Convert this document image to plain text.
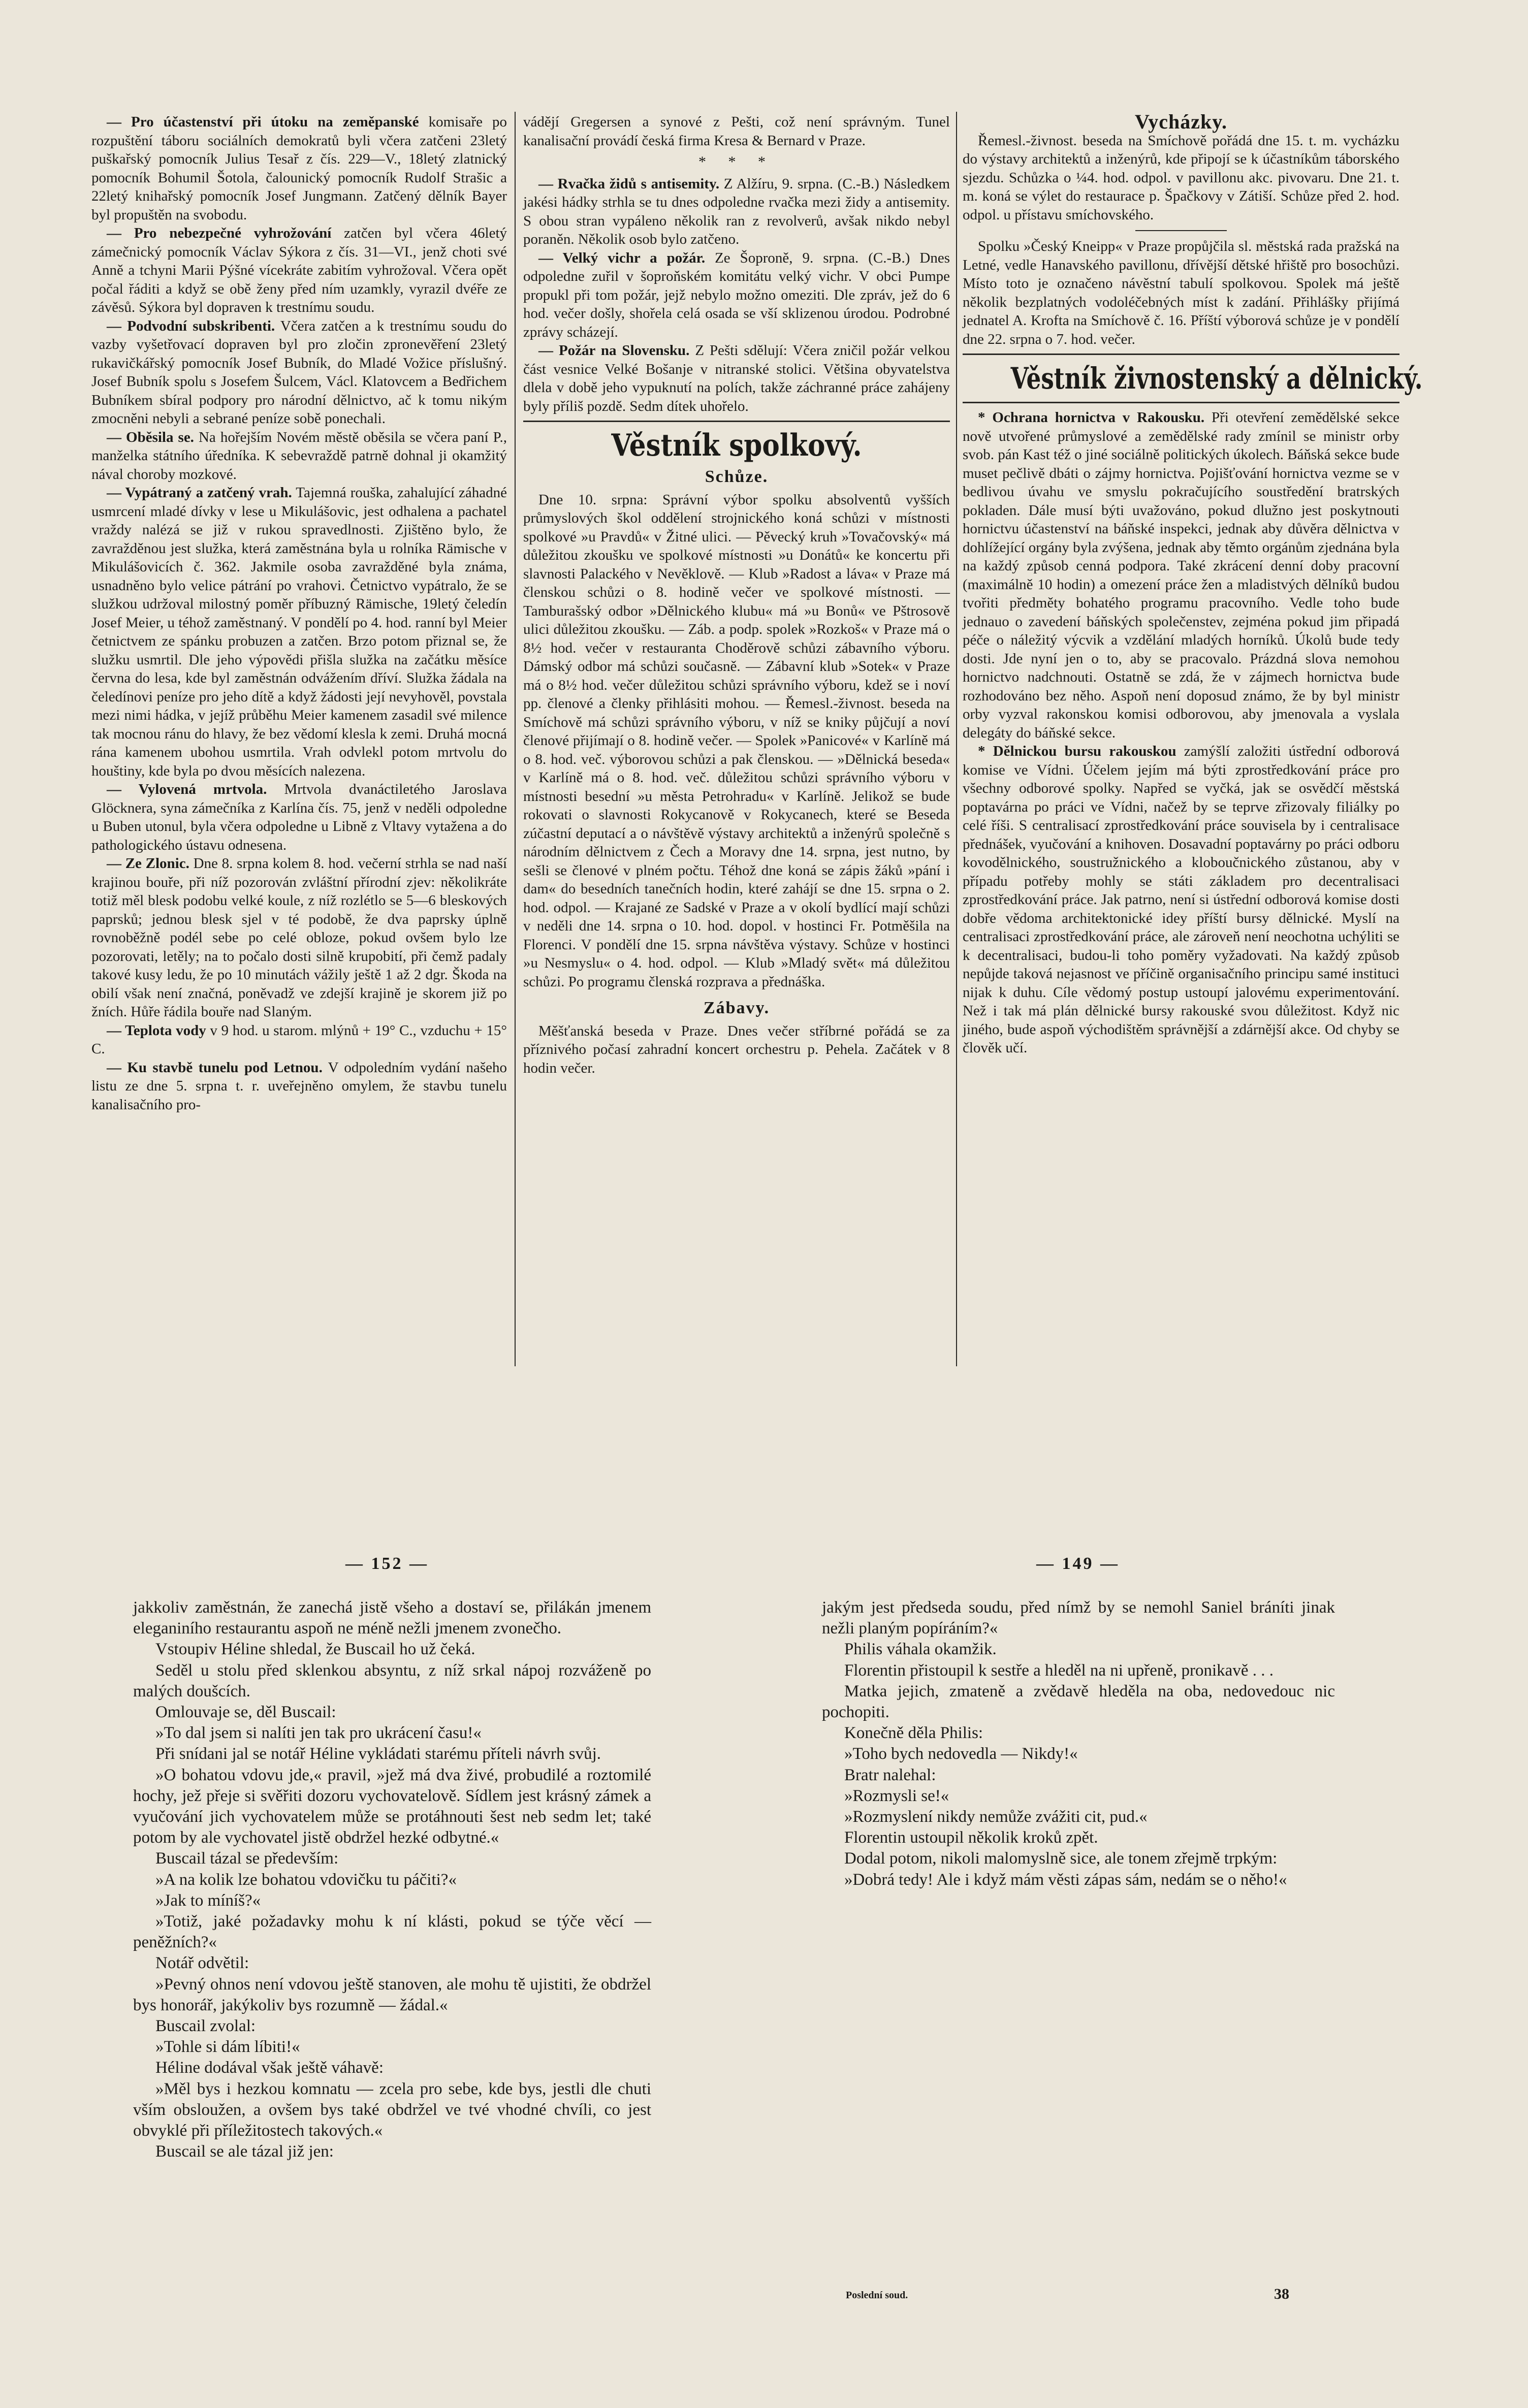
— Pro účastenství při útoku na zeměpanské komisaře po rozpuštění táboru sociálních demokratů byli včera zatčeni 23letý puškařský pomocník Julius Tesař z čís. 229—V., 18letý zlatnický pomocník Bohumil Šotola, čalounický pomocník Rudolf Strašic a 22letý knihařský pomocník Josef Jungmann. Zatčený dělník Bayer byl propuštěn na svobodu.

— Pro nebezpečné vyhrožování zatčen byl včera 46letý zámečnický pomocník Václav Sýkora z čís. 31—VI., jenž choti své Anně a tchyni Marii Pýšné vícekráte zabitím vyhrožoval. Včera opět počal řáditi a když se obě ženy před ním uzamkly, vyrazil dvéře ze závěsů. Sýkora byl dopraven k trestnímu soudu.

— Podvodní subskribenti. Včera zatčen a k trestnímu soudu do vazby vyšetřovací dopraven byl pro zločin zpronevěření 23letý rukavičkářský pomocník Josef Bubník, do Mladé Vožice příslušný. Josef Bubník spolu s Josefem Šulcem, Václ. Klatovcem a Bedřichem Bubníkem sbíral podpory pro národní dělnictvo, ač k tomu nikým zmocněni nebyli a sebrané peníze sobě ponechali.

— Oběsila se. Na hořejším Novém městě oběsila se včera paní P., manželka státního úředníka. K sebevraždě patrně dohnal ji okamžitý nával choroby mozkové.

— Vypátraný a zatčený vrah. Tajemná rouška, zahalující záhadné usmrcení mladé dívky v lese u Mikulášovic, jest odhalena a pachatel vraždy nalézá se již v rukou spravedlnosti. Zjištěno bylo, že zavražděnou jest služka, která zaměstnána byla u rolníka Rämische v Mikulášovicích č. 362. Jakmile osoba zavražděné byla známa, usnadněno bylo velice pátrání po vrahovi. Četnictvo vypátralo, že se služkou udržoval milostný poměr příbuzný Rämische, 19letý čeledín Josef Meier, u téhož zaměstnaný. V pondělí po 4. hod. ranní byl Meier četnictvem ze spánku probuzen a zatčen. Brzo potom přiznal se, že služku usmrtil. Dle jeho výpovědi přišla služka na začátku měsíce června do lesa, kde byl zaměstnán odvážením dříví. Služka žádala na čeledínovi peníze pro jeho dítě a když žádosti její nevyhověl, povstala mezi nimi hádka, v jejíž průběhu Meier kamenem zasadil své milence tak mocnou ránu do hlavy, že bez vědomí klesla k zemi. Druhá mocná rána kamenem ubohou usmrtila. Vrah odvlekl potom mrtvolu do houštiny, kde byla po dvou měsících nalezena.

— Vylovená mrtvola. Mrtvola dvanáctiletého Jaroslava Glöcknera, syna zámečníka z Karlína čís. 75, jenž v neděli odpoledne u Buben utonul, byla včera odpoledne u Libně z Vltavy vytažena a do pathologického ústavu odnesena.

— Ze Zlonic. Dne 8. srpna kolem 8. hod. večerní strhla se nad naší krajinou bouře, při níž pozorován zvláštní přírodní zjev: několikráte totiž měl blesk podobu velké koule, z níž rozlétlo se 5—6 bleskových paprsků; jednou blesk sjel v té podobě, že dva paprsky úplně rovnoběžně podél sebe po celé obloze, pokud ovšem bylo lze pozorovati, letěly; na to počalo dosti silně krupobití, při čemž padaly takové kusy ledu, že po 10 minutách vážily ještě 1 až 2 dgr. Škoda na obilí však není značná, poněvadž ve zdejší krajině je skorem již po žních. Hůře řádila bouře nad Slaným.

— Teplota vody v 9 hod. u starom. mlýnů + 19° C., vzduchu + 15° C.

— Ku stavbě tunelu pod Letnou. V odpoledním vydání našeho listu ze dne 5. srpna t. r. uveřejněno omylem, že stavbu tunelu kanalisačního pro-

vádějí Gregersen a synové z Pešti, což není správným. Tunel kanalisační provádí česká firma Kresa & Bernard v Praze.

* * *

— Rvačka židů s antisemity. Z Alžíru, 9. srpna. (C.-B.) Následkem jakési hádky strhla se tu dnes odpoledne rvačka mezi židy a antisemity. S obou stran vypáleno několik ran z revolverů, avšak nikdo nebyl poraněn. Několik osob bylo zatčeno.

— Velký vichr a požár. Ze Šoproně, 9. srpna. (C.-B.) Dnes odpoledne zuřil v šoproňském komitátu velký vichr. V obci Pumpe propukl při tom požár, jejž nebylo možno omeziti. Dle zpráv, jež do 6 hod. večer došly, shořela celá osada se vší sklizenou úrodou. Podrobné zprávy scházejí.

— Požár na Slovensku. Z Pešti sdělují: Včera zničil požár velkou část vesnice Velké Bošanje v nitranské stolici. Většina obyvatelstva dlela v době jeho vypuknutí na polích, takže záchranné práce zahájeny byly příliš pozdě. Sedm dítek uhořelo.

Věstník spolkový.
Schůze.

Dne 10. srpna: Správní výbor spolku absolventů vyšších průmyslových škol oddělení strojnického koná schůzi v místnosti spolkové »u Pravdů« v Žitné ulici. — Pěvecký kruh »Tovačovský« má důležitou zkoušku ve spolkové místnosti »u Donátů« ke koncertu při slavnosti Palackého v Nevěklově. — Klub »Radost a láva« v Praze má členskou schůzi o 8. hodině večer ve spolkové místnosti. — Tamburašský odbor »Dělnického klubu« má »u Bonů« ve Pštrosově ulici důležitou zkoušku. — Záb. a podp. spolek »Rozkoš« v Praze má o 8½ hod. večer v restauranta Choděrově schůzi zábavního výboru. Dámský odbor má schůzi současně. — Zábavní klub »Sotek« v Praze má o 8½ hod. večer důležitou schůzi správního výboru, kdež se i noví pp. členové a členky přihlásiti mohou. — Řemesl.-živnost. beseda na Smíchově má schůzi správního výboru, v níž se kniky půjčují a noví členové přijímají o 8. hodině večer. — Spolek »Panicové« v Karlíně má o 8. hod. več. výborovou schůzi a pak členskou. — »Dělnická beseda« v Karlíně má o 8. hod. več. důležitou schůzi správního výboru v místnosti besední »u města Petrohradu« v Karlíně. Jelikož se bude rokovati o slavnosti Rokycanově v Rokycanech, které se Beseda zúčastní deputací a o návštěvě výstavy architektů a inženýrů společně s národním dělnictvem z Čech a Moravy dne 14. srpna, jest nutno, by sešli se členové v plném počtu. Téhož dne koná se zápis žáků »pání i dam« do besedních tanečních hodin, které zahájí se dne 15. srpna o 2. hod. odpol. — Krajané ze Sadské v Praze a v okolí bydlící mají schůzi v neděli dne 14. srpna o 10. hod. dopol. v hostinci Fr. Potměšila na Florenci. V pondělí dne 15. srpna návštěva výstavy. Schůze v hostinci »u Nesmyslu« o 4. hod. odpol. — Klub »Mladý svět« má důležitou schůzi. Po programu členská rozprava a přednáška.

Zábavy.

Měšťanská beseda v Praze. Dnes večer stříbrné pořádá se za příznivého počasí zahradní koncert orchestru p. Pehela. Začátek v 8 hodin večer.

Vycházky.

Řemesl.-živnost. beseda na Smíchově pořádá dne 15. t. m. vycházku do výstavy architektů a inženýrů, kde připojí se k účastníkům táborského sjezdu. Schůzka o ¼4. hod. odpol. v pavillonu akc. pivovaru. Dne 21. t. m. koná se výlet do restaurace p. Špačkovy v Zátiší. Schůze před 2. hod. odpol. u přístavu smíchovského.

Spolku »Český Kneipp« v Praze propůjčila sl. městská rada pražská na Letné, vedle Hanavského pavillonu, dřívější dětské hřiště pro bosochůzi. Místo toto je označeno návěstní tabulí spolkovou. Spolek má ještě několik bezplatných vodoléčebných míst k zadání. Přihlášky přijímá jednatel A. Krofta na Smíchově č. 16. Příští výborová schůze je v pondělí dne 22. srpna o 7. hod. večer.

Věstník živnostenský a dělnický.

* Ochrana hornictva v Rakousku. Při otevření zemědělské sekce nově utvořené průmyslové a zemědělské rady zmínil se ministr orby svob. pán Kast též o jiné sociálně politických úkolech. Báňská sekce bude muset pečlivě dbáti o zájmy hornictva. Pojišťování hornictva vezme se v bedlivou úvahu ve smyslu pokračujícího soustředění bratrských pokladen. Dále musí býti uvažováno, pokud dlužno jest poskytnouti hornictvu účastenství na báňské inspekci, jednak aby důvěra dělnictva v dohlížející orgány byla zvýšena, jednak aby těmto orgánům zjednána byla na každý způsob cenná podpora. Také zkrácení denní doby pracovní (maximálně 10 hodin) a omezení práce žen a mladistvých dělníků budou tvořiti předměty bohatého programu pracovního. Vedle toho bude jednauo o zavedení báňských společenstev, zejména pokud jim připadá péče o náležitý výcvik a vzdělání mladých horníků. Úkolů bude tedy dosti. Jde nyní jen o to, aby se pracovalo. Prázdná slova nemohou hornictvo nadchnouti. Ostatně se zdá, že v zájmech hornictva bude rozhodováno bez něho. Aspoň není doposud známo, že by byl ministr orby vyzval rakonskou komisi odborovou, aby jmenovala a vyslala delegáty do báňské sekce.

* Dělnickou bursu rakouskou zamýšlí založiti ústřední odborová komise ve Vídni. Účelem jejím má býti zprostředkování práce pro všechny odborové spolky. Napřed se vyčká, jak se osvědčí městská poptavárna po práci ve Vídni, načež by se teprve zřizovaly filiálky po celé říši. S centralisací zprostředkování práce souvisela by i centralisace přednášek, vyučování a knihoven. Dosavadní poptavárny po práci odboru kovodělnického, soustružnického a kloboučnického zůstanou, aby v případu potřeby mohly se státi základem pro decentralisaci zprostředkování práce. Jak patrno, není si ústřední odborová komise dosti dobře vědoma architektonické idey příští bursy dělnické. Myslí na centralisaci zprostředkování práce, ale zároveň není neochotna uchýliti se k decentralisaci, budou-li toho poměry vyžadovati. Na každý způsob nepůjde taková nejasnost ve příčině organisačního principu samé instituci nijak k duhu. Cíle vědomý postup ustoupí jalovému experimentování. Než i tak má plán dělnické bursy rakouské svou důležitost. Když nic jiného, bude aspoň východištěm správnější a zdárnější akce. Od chyby se člověk učí.

— 152 —	— 149 —

jakkoliv zaměstnán, že zanechá jistě všeho a dostaví se, přilákán jmenem eleganiního restaurantu aspoň ne méně nežli jmenem zvonečho.

Vstoupiv Héline shledal, že Buscail ho už čeká.

Seděl u stolu před sklenkou absyntu, z níž srkal nápoj rozváženě po malých doušcích.

Omlouvaje se, děl Buscail:

»To dal jsem si nalíti jen tak pro ukrácení času!«

Při snídani jal se notář Héline vykládati starému příteli návrh svůj.

»O bohatou vdovu jde,« pravil, »jež má dva živé, probudilé a roztomilé hochy, jež přeje si svěřiti dozoru vychovatelově. Sídlem jest krásný zámek a vyučování jich vychovatelem může se protáhnouti šest neb sedm let; také potom by ale vychovatel jistě obdržel hezké odbytné.«

Buscail tázal se především:

»A na kolik lze bohatou vdovičku tu páčiti?«

»Jak to míníš?«

»Totiž, jaké požadavky mohu k ní klásti, pokud se týče věcí — peněžních?«

Notář odvětil:

»Pevný ohnos není vdovou ještě stanoven, ale mohu tě ujistiti, že obdržel bys honorář, jakýkoliv bys rozumně — žádal.«

Buscail zvolal:

»Tohle si dám líbiti!«

Héline dodával však ještě váhavě:

»Měl bys i hezkou komnatu — zcela pro sebe, kde bys, jestli dle chuti vším obsloužen, a ovšem bys také obdržel ve tvé vhodné chvíli, co jest obvyklé při příležitostech takových.«

Buscail se ale tázal již jen:

jakým jest předseda soudu, před nímž by se nemohl Saniel bráníti jinak nežli planým popíráním?«

Philis váhala okamžik.

Florentin přistoupil k sestře a hleděl na ni upřeně, pronikavě . . .

Matka jejich, zmateně a zvědavě hleděla na oba, nedovedouc nic pochopiti.

Konečně děla Philis:

»Toho bych nedovedla — Nikdy!«

Bratr nalehal:

»Rozmysli se!«

»Rozmyslení nikdy nemůže zvážiti cit, pud.«

Florentin ustoupil několik kroků zpět.

Dodal potom, nikoli malomyslně sice, ale tonem zřejmě trpkým:

»Dobrá tedy! Ale i když mám věsti zápas sám, nedám se o něho!«

Poslední soud.	38
